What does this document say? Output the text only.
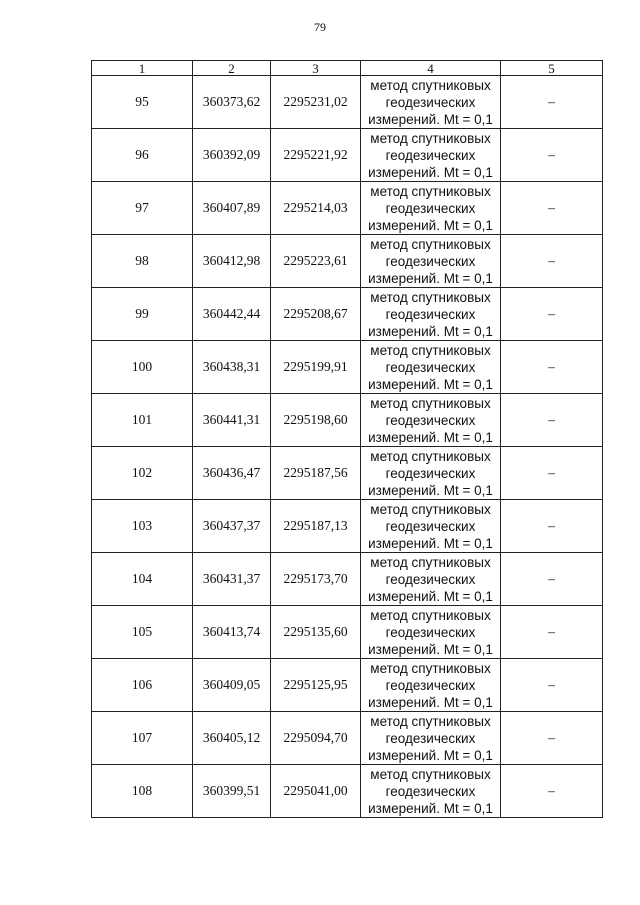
79
1	2	3	4	5
95	360373,62	2295231,02	метод спутниковых
геодезических
измерений. Mt = 0,1	–
96	360392,09	2295221,92	метод спутниковых
геодезических
измерений. Mt = 0,1	–
97	360407,89	2295214,03	метод спутниковых
геодезических
измерений. Mt = 0,1	–
98	360412,98	2295223,61	метод спутниковых
геодезических
измерений. Mt = 0,1	–
99	360442,44	2295208,67	метод спутниковых
геодезических
измерений. Mt = 0,1	–
100	360438,31	2295199,91	метод спутниковых
геодезических
измерений. Mt = 0,1	–
101	360441,31	2295198,60	метод спутниковых
геодезических
измерений. Mt = 0,1	–
102	360436,47	2295187,56	метод спутниковых
геодезических
измерений. Mt = 0,1	–
103	360437,37	2295187,13	метод спутниковых
геодезических
измерений. Mt = 0,1	–
104	360431,37	2295173,70	метод спутниковых
геодезических
измерений. Mt = 0,1	–
105	360413,74	2295135,60	метод спутниковых
геодезических
измерений. Mt = 0,1	–
106	360409,05	2295125,95	метод спутниковых
геодезических
измерений. Mt = 0,1	–
107	360405,12	2295094,70	метод спутниковых
геодезических
измерений. Mt = 0,1	–
108	360399,51	2295041,00	метод спутниковых
геодезических
измерений. Mt = 0,1	–
